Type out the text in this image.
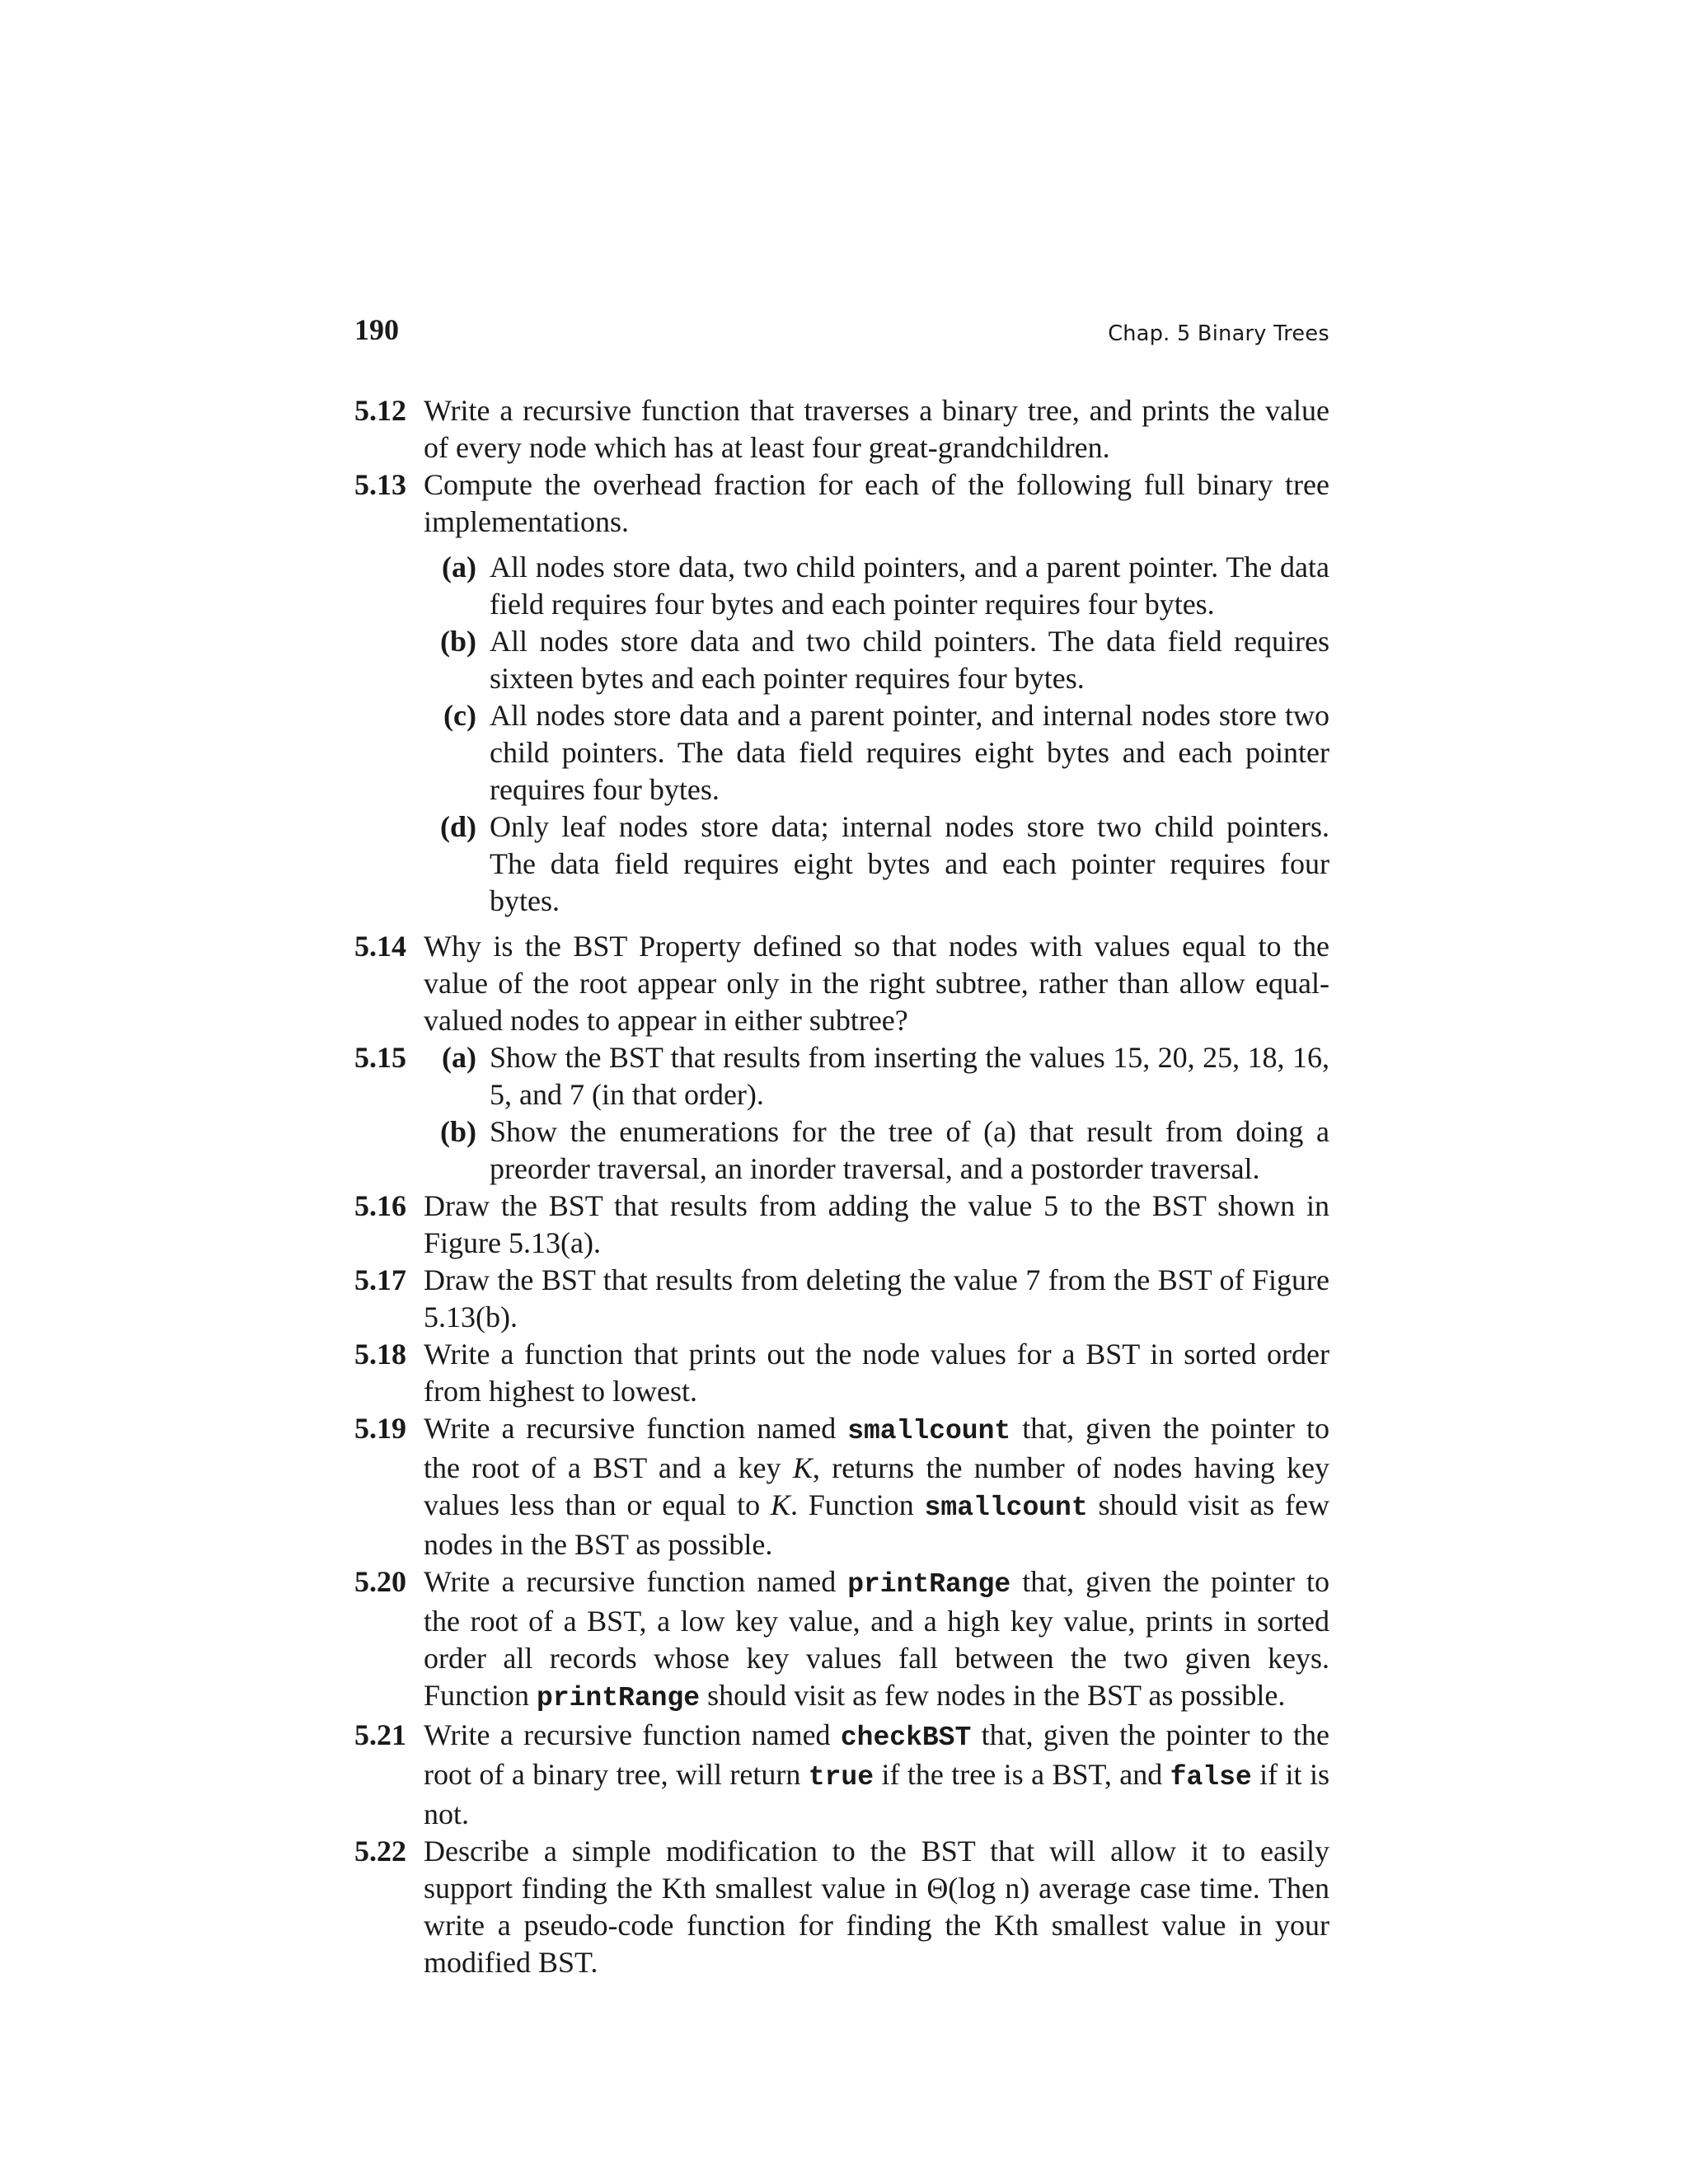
190	Chap. 5 Binary Trees
5.12 Write a recursive function that traverses a binary tree, and prints the value of every node which has at least four great-grandchildren.
5.13 Compute the overhead fraction for each of the following full binary tree implementations.
(a) All nodes store data, two child pointers, and a parent pointer. The data field requires four bytes and each pointer requires four bytes.
(b) All nodes store data and two child pointers. The data field requires sixteen bytes and each pointer requires four bytes.
(c) All nodes store data and a parent pointer, and internal nodes store two child pointers. The data field requires eight bytes and each pointer requires four bytes.
(d) Only leaf nodes store data; internal nodes store two child pointers. The data field requires eight bytes and each pointer requires four bytes.
5.14 Why is the BST Property defined so that nodes with values equal to the value of the root appear only in the right subtree, rather than allow equal-valued nodes to appear in either subtree?
5.15	(a) Show the BST that results from inserting the values 15, 20, 25, 18, 16, 5, and 7 (in that order).
(b) Show the enumerations for the tree of (a) that result from doing a preorder traversal, an inorder traversal, and a postorder traversal.
5.16 Draw the BST that results from adding the value 5 to the BST shown in Figure 5.13(a).
5.17 Draw the BST that results from deleting the value 7 from the BST of Figure 5.13(b).
5.18 Write a function that prints out the node values for a BST in sorted order from highest to lowest.
5.19 Write a recursive function named smallcount that, given the pointer to the root of a BST and a key K, returns the number of nodes having key values less than or equal to K. Function smallcount should visit as few nodes in the BST as possible.
5.20 Write a recursive function named printRange that, given the pointer to the root of a BST, a low key value, and a high key value, prints in sorted order all records whose key values fall between the two given keys. Function printRange should visit as few nodes in the BST as possible.
5.21 Write a recursive function named checkBST that, given the pointer to the root of a binary tree, will return true if the tree is a BST, and false if it is not.
5.22 Describe a simple modification to the BST that will allow it to easily support finding the Kth smallest value in Θ(log n) average case time. Then write a pseudo-code function for finding the Kth smallest value in your modified BST.
